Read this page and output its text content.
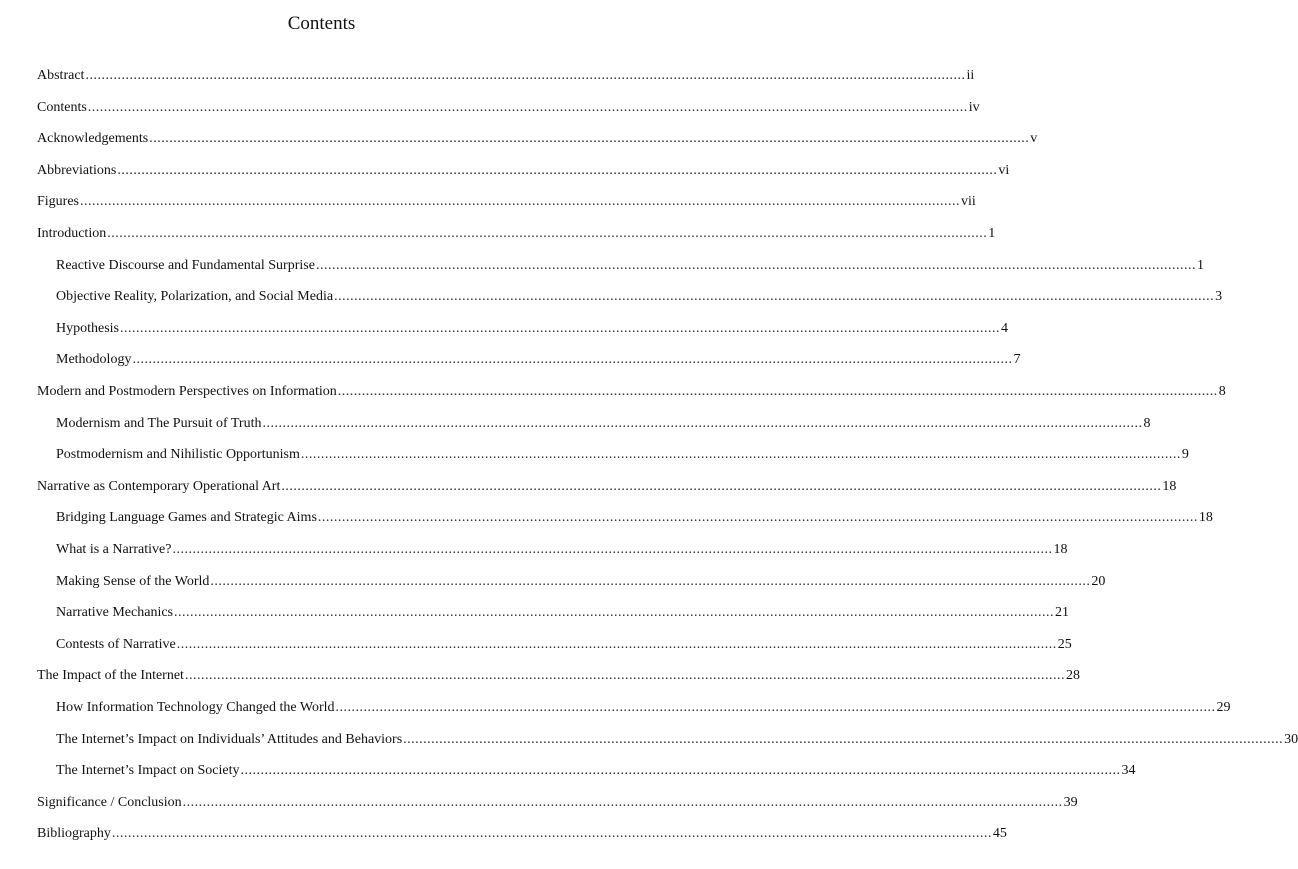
Contents
Abstract ............................................................................................................................................................................................................................ ii
Contents ............................................................................................................................................................................................................................ iv
Acknowledgements ............................................................................................................................................................................................................................ v
Abbreviations ............................................................................................................................................................................................................................ vi
Figures ............................................................................................................................................................................................................................ vii
Introduction ............................................................................................................................................................................................................................ 1
Reactive Discourse and Fundamental Surprise ............................................................................................................................................................................................................................ 1
Objective Reality, Polarization, and Social Media ............................................................................................................................................................................................................................ 3
Hypothesis ............................................................................................................................................................................................................................ 4
Methodology ............................................................................................................................................................................................................................ 7
Modern and Postmodern Perspectives on Information ............................................................................................................................................................................................................................ 8
Modernism and The Pursuit of Truth ............................................................................................................................................................................................................................ 8
Postmodernism and Nihilistic Opportunism ............................................................................................................................................................................................................................ 9
Narrative as Contemporary Operational Art ............................................................................................................................................................................................................................ 18
Bridging Language Games and Strategic Aims ............................................................................................................................................................................................................................ 18
What is a Narrative? ............................................................................................................................................................................................................................ 18
Making Sense of the World ............................................................................................................................................................................................................................ 20
Narrative Mechanics ............................................................................................................................................................................................................................ 21
Contests of Narrative ............................................................................................................................................................................................................................ 25
The Impact of the Internet ............................................................................................................................................................................................................................ 28
How Information Technology Changed the World ............................................................................................................................................................................................................................ 29
The Internet’s Impact on Individuals’ Attitudes and Behaviors ............................................................................................................................................................................................................................ 30
The Internet’s Impact on Society ............................................................................................................................................................................................................................ 34
Significance / Conclusion ............................................................................................................................................................................................................................ 39
Bibliography ............................................................................................................................................................................................................................ 45
